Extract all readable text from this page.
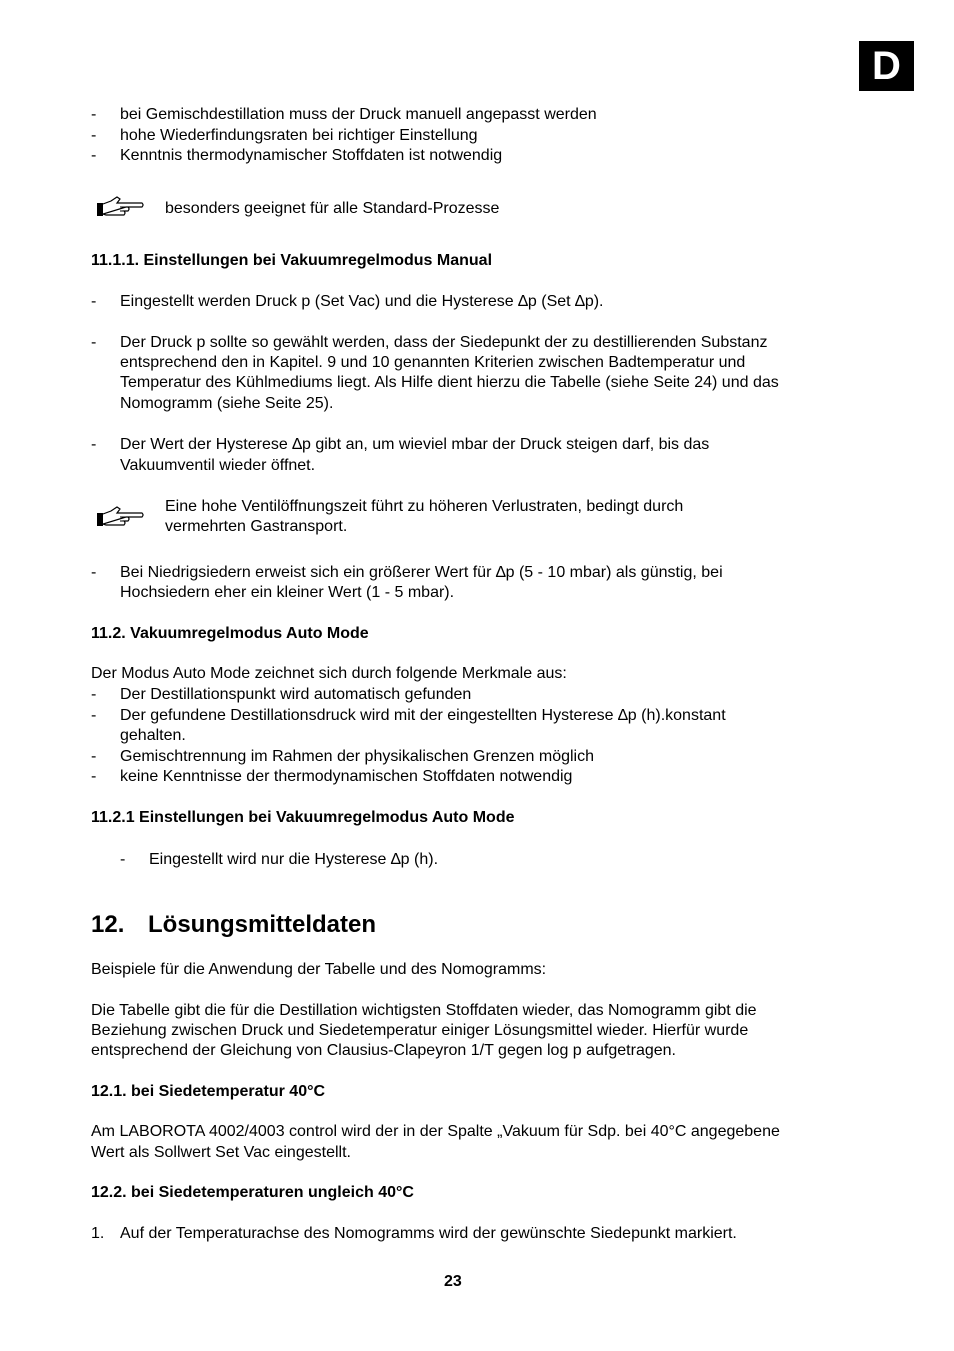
D
- bei Gemischdestillation muss der Druck manuell angepasst werden
- hohe Wiederfindungsraten bei richtiger Einstellung
- Kenntnis thermodynamischer Stoffdaten ist notwendig
besonders geeignet für alle Standard-Prozesse
11.1.1. Einstellungen bei Vakuumregelmodus Manual
- Eingestellt werden Druck p (Set Vac) und die Hysterese ∆p (Set ∆p).
- Der Druck p sollte so gewählt werden, dass der Siedepunkt der zu destillierenden Substanz
entsprechend den in Kapitel. 9 und 10 genannten Kriterien zwischen Badtemperatur und
Temperatur des Kühlmediums liegt. Als Hilfe dient hierzu die Tabelle (siehe Seite 24) und das
Nomogramm (siehe Seite 25).
- Der Wert der Hysterese ∆p gibt an, um wieviel mbar der Druck steigen darf, bis das
Vakuumventil wieder öffnet.
Eine hohe Ventilöffnungszeit führt zu höheren Verlustraten, bedingt durch
vermehrten Gastransport.
- Bei Niedrigsiedern erweist sich ein größerer Wert für ∆p (5 - 10 mbar) als günstig, bei
Hochsiedern eher ein kleiner Wert (1 - 5 mbar).
11.2. Vakuumregelmodus Auto Mode
Der Modus Auto Mode zeichnet sich durch folgende Merkmale aus:
- Der Destillationspunkt wird automatisch gefunden
- Der gefundene Destillationsdruck wird mit der eingestellten Hysterese ∆p (h).konstant
gehalten.
- Gemischtrennung im Rahmen der physikalischen Grenzen möglich
- keine Kenntnisse der thermodynamischen Stoffdaten notwendig
11.2.1 Einstellungen bei Vakuumregelmodus Auto Mode
- Eingestellt wird nur die Hysterese ∆p (h).
12. Lösungsmitteldaten
Beispiele für die Anwendung der Tabelle und des Nomogramms:
Die Tabelle gibt die für die Destillation wichtigsten Stoffdaten wieder, das Nomogramm gibt die
Beziehung zwischen Druck und Siedetemperatur einiger Lösungsmittel wieder. Hierfür wurde
entsprechend der Gleichung von Clausius-Clapeyron 1/T gegen log p aufgetragen.
12.1. bei Siedetemperatur 40°C
Am LABOROTA 4002/4003 control wird der in der Spalte „Vakuum für Sdp. bei 40°C angegebene
Wert als Sollwert Set Vac eingestellt.
12.2. bei Siedetemperaturen ungleich 40°C
1. Auf der Temperaturachse des Nomogramms wird der gewünschte Siedepunkt markiert.
23
